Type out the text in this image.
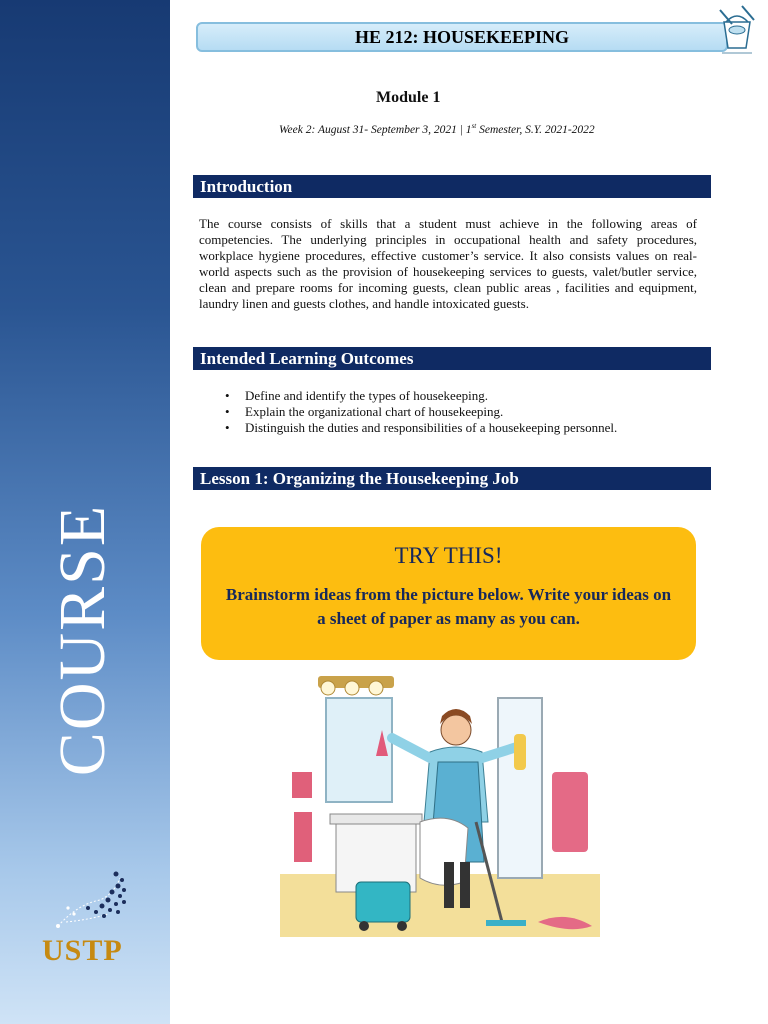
COURSE
USTP
HE 212: HOUSEKEEPING
Module 1
Week 2: August 31- September 3, 2021 | 1st Semester, S.Y. 2021-2022
Introduction

The course consists of skills that a student must achieve in the following areas of competencies. The underlying principles in occupational health and safety procedures, workplace hygiene procedures, effective customer’s service. It also consists values on real-world aspects such as the provision of housekeeping services to guests, valet/butler service, clean and prepare rooms for incoming guests, clean public areas , facilities and equipment, laundry linen and guests clothes, and handle intoxicated guests.

Intended Learning Outcomes
• Define and identify the types of housekeeping.
• Explain the organizational chart of housekeeping.
• Distinguish the duties and responsibilities of a housekeeping personnel.
Lesson 1: Organizing the Housekeeping Job
TRY THIS!
Brainstorm ideas from the picture below. Write your ideas on a sheet of paper as many as you can.
